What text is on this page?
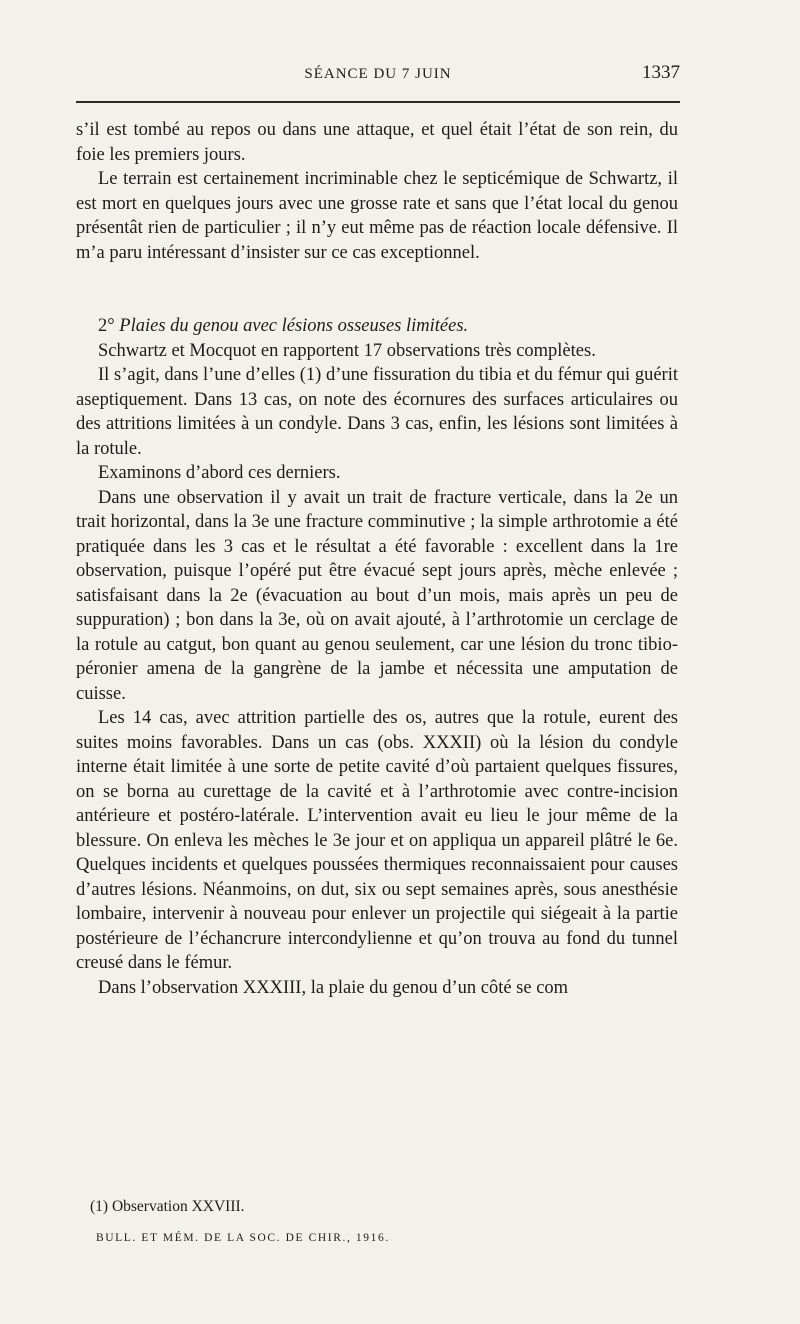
SÉANCE DU 7 JUIN	1337

s’il est tombé au repos ou dans une attaque, et quel était l’état de son rein, du foie les premiers jours.

Le terrain est certainement incriminable chez le septicémique de Schwartz, il est mort en quelques jours avec une grosse rate et sans que l’état local du genou présentât rien de particulier ; il n’y eut même pas de réaction locale défensive. Il m’a paru intéressant d’insister sur ce cas exceptionnel.

2° Plaies du genou avec lésions osseuses limitées.

Schwartz et Mocquot en rapportent 17 observations très complètes.

Il s’agit, dans l’une d’elles (1) d’une fissuration du tibia et du fémur qui guérit aseptiquement. Dans 13 cas, on note des écornures des surfaces articulaires ou des attritions limitées à un condyle. Dans 3 cas, enfin, les lésions sont limitées à la rotule.

Examinons d’abord ces derniers.

Dans une observation il y avait un trait de fracture verticale, dans la 2e un trait horizontal, dans la 3e une fracture comminutive ; la simple arthrotomie a été pratiquée dans les 3 cas et le résultat a été favorable : excellent dans la 1re observation, puisque l’opéré put être évacué sept jours après, mèche enlevée ; satisfaisant dans la 2e (évacuation au bout d’un mois, mais après un peu de suppuration) ; bon dans la 3e, où on avait ajouté, à l’arthrotomie un cerclage de la rotule au catgut, bon quant au genou seulement, car une lésion du tronc tibio-péronier amena de la gangrène de la jambe et nécessita une amputation de cuisse.

Les 14 cas, avec attrition partielle des os, autres que la rotule, eurent des suites moins favorables. Dans un cas (obs. XXXII) où la lésion du condyle interne était limitée à une sorte de petite cavité d’où partaient quelques fissures, on se borna au curettage de la cavité et à l’arthrotomie avec contre-incision antérieure et postéro-latérale. L’intervention avait eu lieu le jour même de la blessure. On enleva les mèches le 3e jour et on appliqua un appareil plâtré le 6e. Quelques incidents et quelques poussées thermiques reconnaissaient pour causes d’autres lésions. Néanmoins, on dut, six ou sept semaines après, sous anesthésie lombaire, intervenir à nouveau pour enlever un projectile qui siégeait à la partie postérieure de l’échancrure intercondylienne et qu’on trouva au fond du tunnel creusé dans le fémur.

Dans l’observation XXXIII, la plaie du genou d’un côté se com

(1) Observation XXVIII.
BULL. ET MÉM. DE LA SOC. DE CHIR., 1916.
